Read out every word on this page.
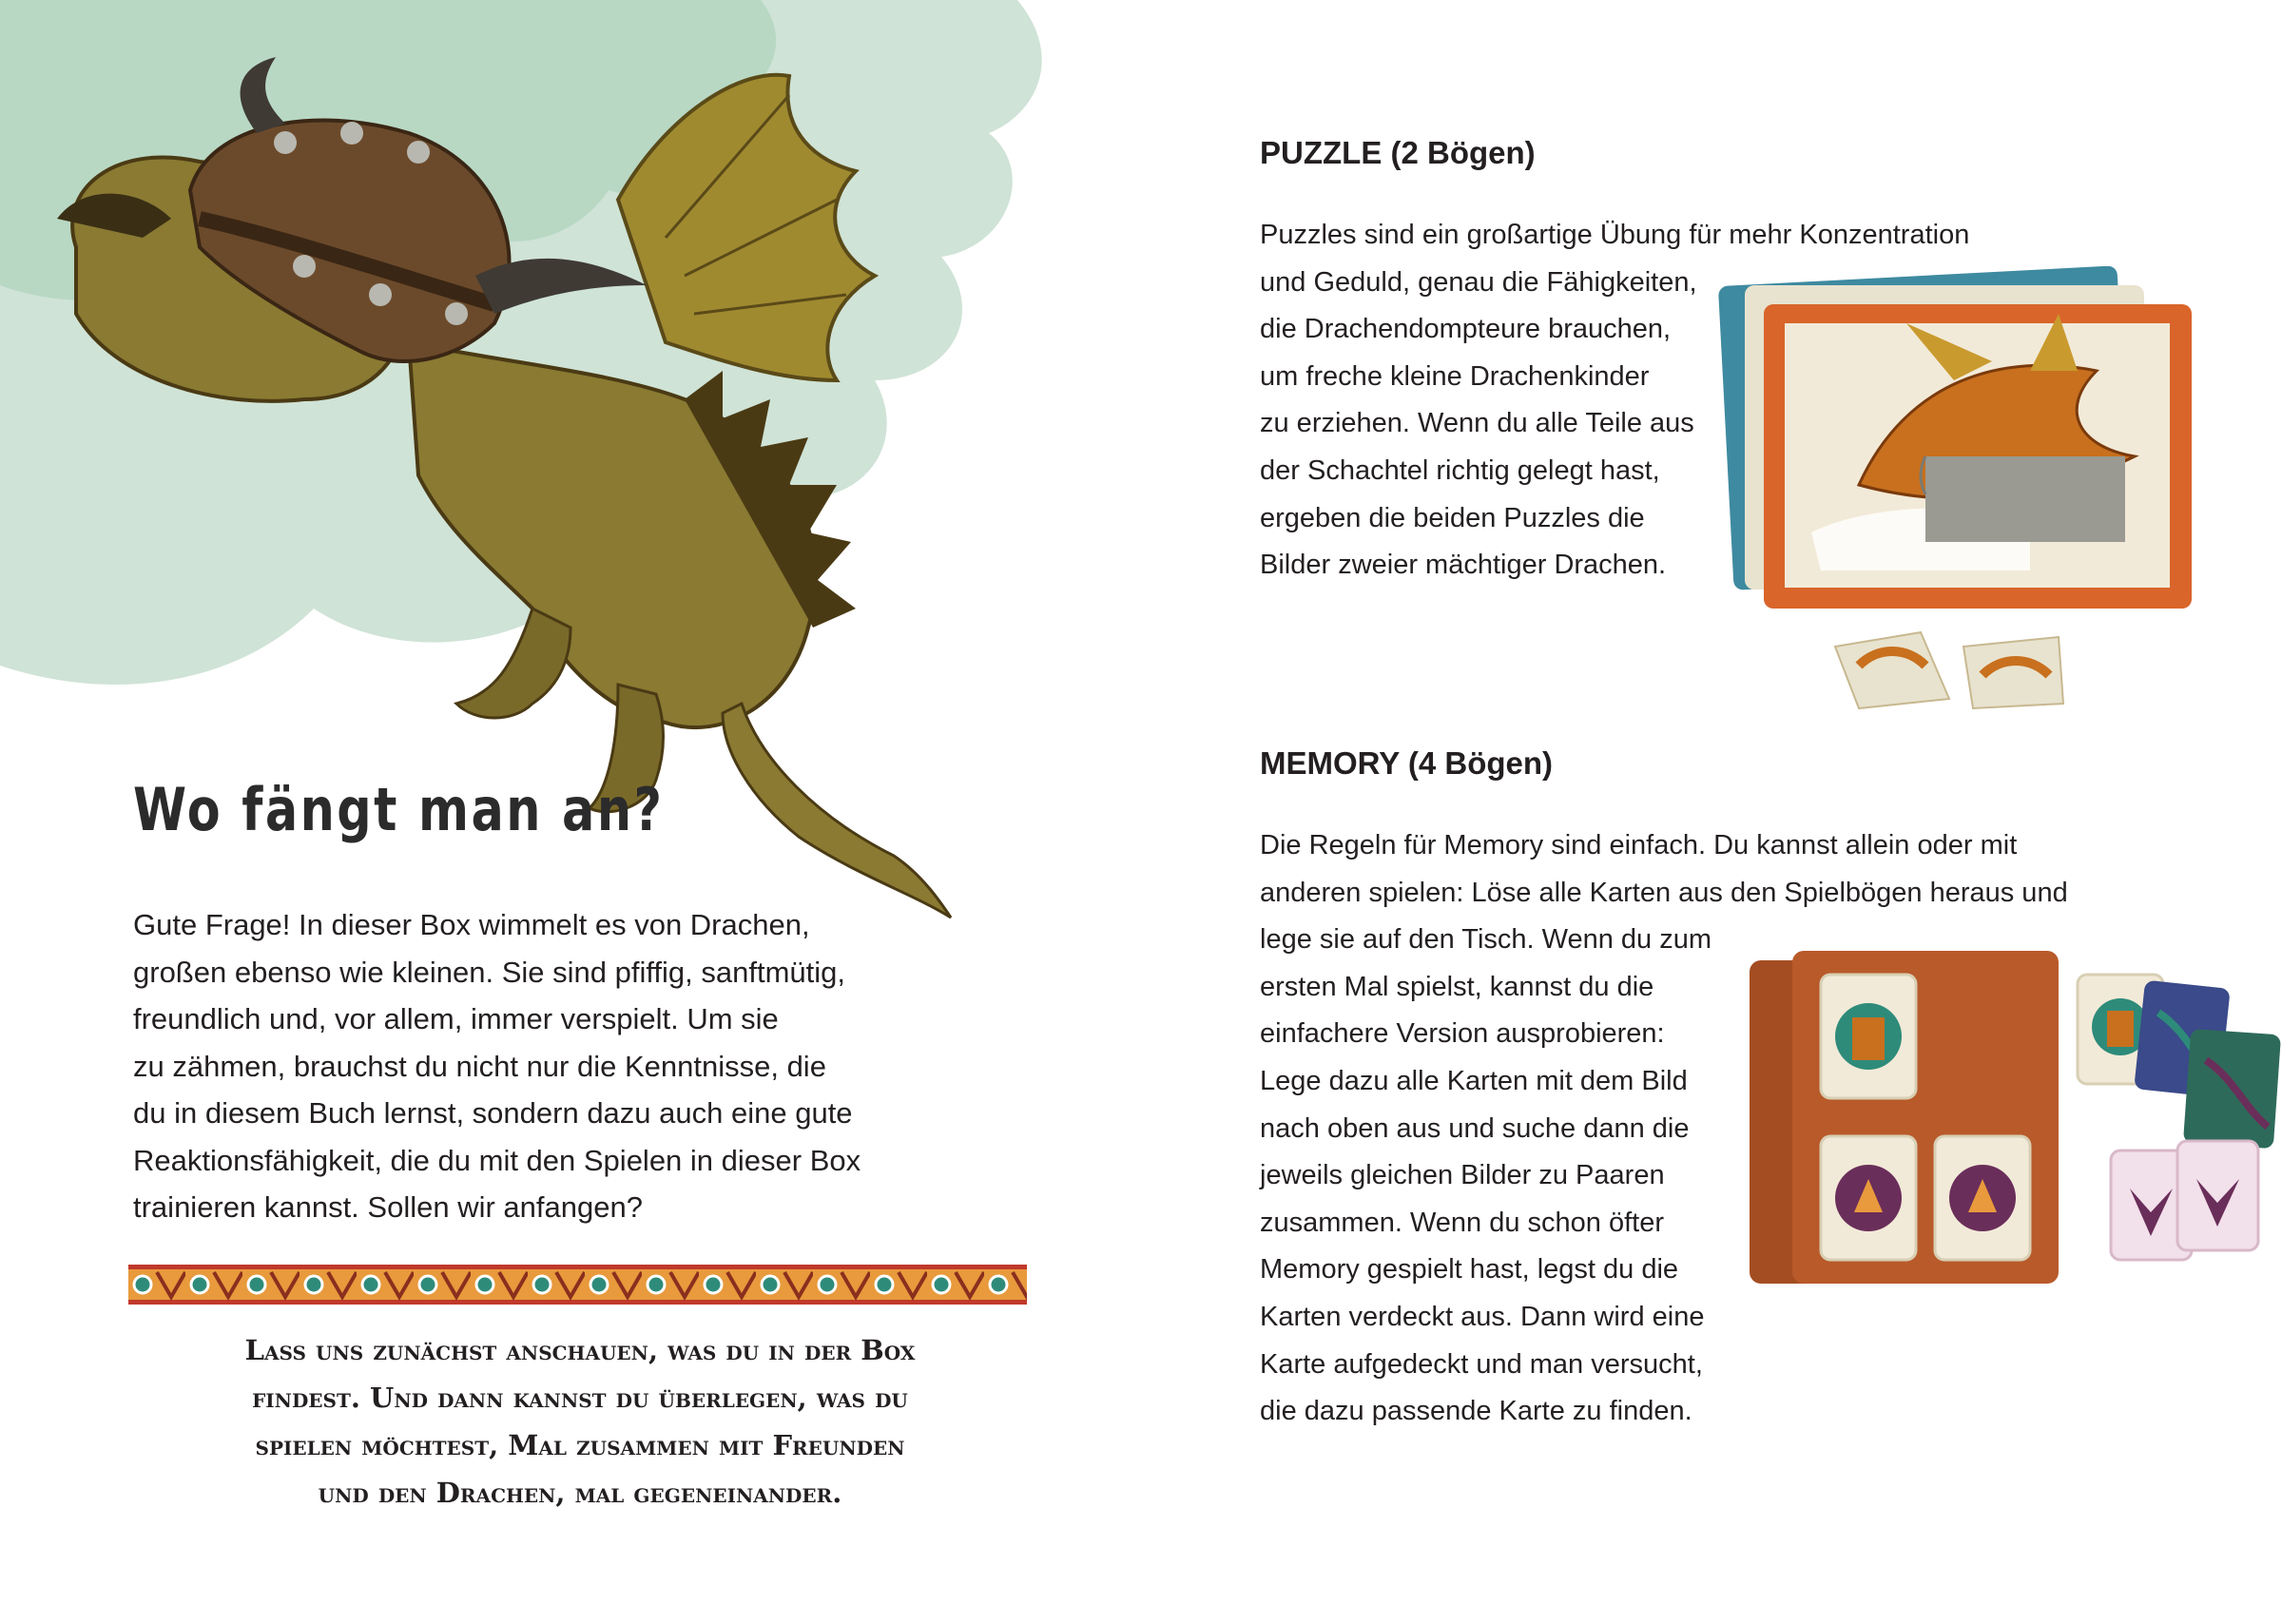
Wo fängt man an?

Gute Frage! In dieser Box wimmelt es von Drachen,

großen ebenso wie kleinen. Sie sind pfiffig, sanftmütig,

freundlich und, vor allem, immer verspielt. Um sie

zu zähmen, brauchst du nicht nur die Kenntnisse, die

du in diesem Buch lernst, sondern dazu auch eine gute

Reaktionsfähigkeit, die du mit den Spielen in dieser Box

trainieren kannst. Sollen wir anfangen?

Lass uns zunächst anschauen, was du in der Box

findest. Und dann kannst du überlegen, was du

spielen möchtest, Mal zusammen mit Freunden

und den Drachen, mal gegeneinander.

PUZZLE (2 Bögen)
Puzzles sind ein großartige Übung für mehr Konzentration
und Geduld, genau die Fähigkeiten,
die Drachendompteure brauchen,
um freche kleine Drachenkinder
zu erziehen. Wenn du alle Teile aus
der Schachtel richtig gelegt hast,
ergeben die beiden Puzzles die
Bilder zweier mächtiger Drachen.
MEMORY (4 Bögen)
Die Regeln für Memory sind einfach. Du kannst allein oder mit
anderen spielen: Löse alle Karten aus den Spielbögen heraus und
lege sie auf den Tisch. Wenn du zum
ersten Mal spielst, kannst du die
einfachere Version ausprobieren:
Lege dazu alle Karten mit dem Bild
nach oben aus und suche dann die
jeweils gleichen Bilder zu Paaren
zusammen. Wenn du schon öfter
Memory gespielt hast, legst du die
Karten verdeckt aus. Dann wird eine
Karte aufgedeckt und man versucht,
die dazu passende Karte zu finden.
